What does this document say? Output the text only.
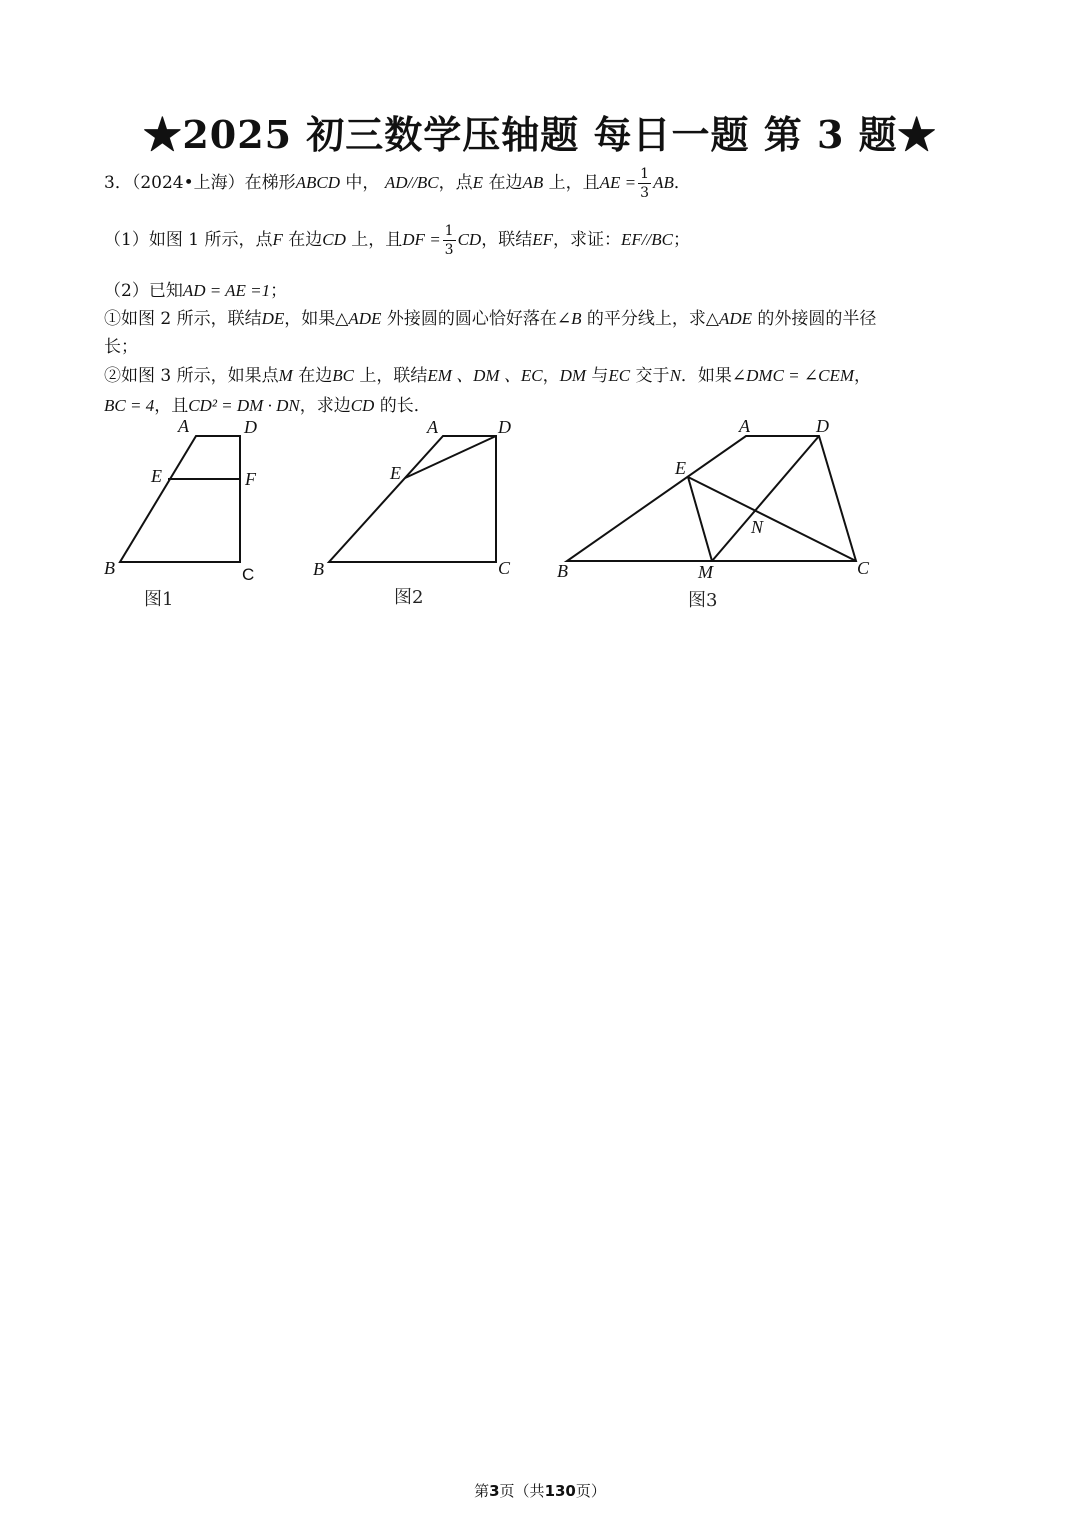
★2025 初三数学压轴题 每日一题 第 3 题★
3．（2024•上海）在梯形ABCD 中， AD//BC，点E 在边AB 上，且AE = $\frac{1}{3}$ AB．
（1）如图 1 所示，点F 在边CD 上，且DF = $\frac{1}{3}$ CD，联结EF，求证：EF//BC；
（2）已知AD = AE =1；
①如图 2 所示，联结DE，如果△ADE 外接圆的圆心恰好落在∠B 的平分线上，求△ADE 的外接圆的半径
长；
②如图 3 所示，如果点M 在边BC 上，联结EM 、DM 、EC，DM 与EC 交于N．如果∠DMC = ∠CEM，
BC = 4，且CD² = DM · DN，求边CD 的长．
A	D
E	F
B	C
图1
A	D
E
B	C
图2
A	D
E
N
B	M	C
图3
第3页（共130页）
